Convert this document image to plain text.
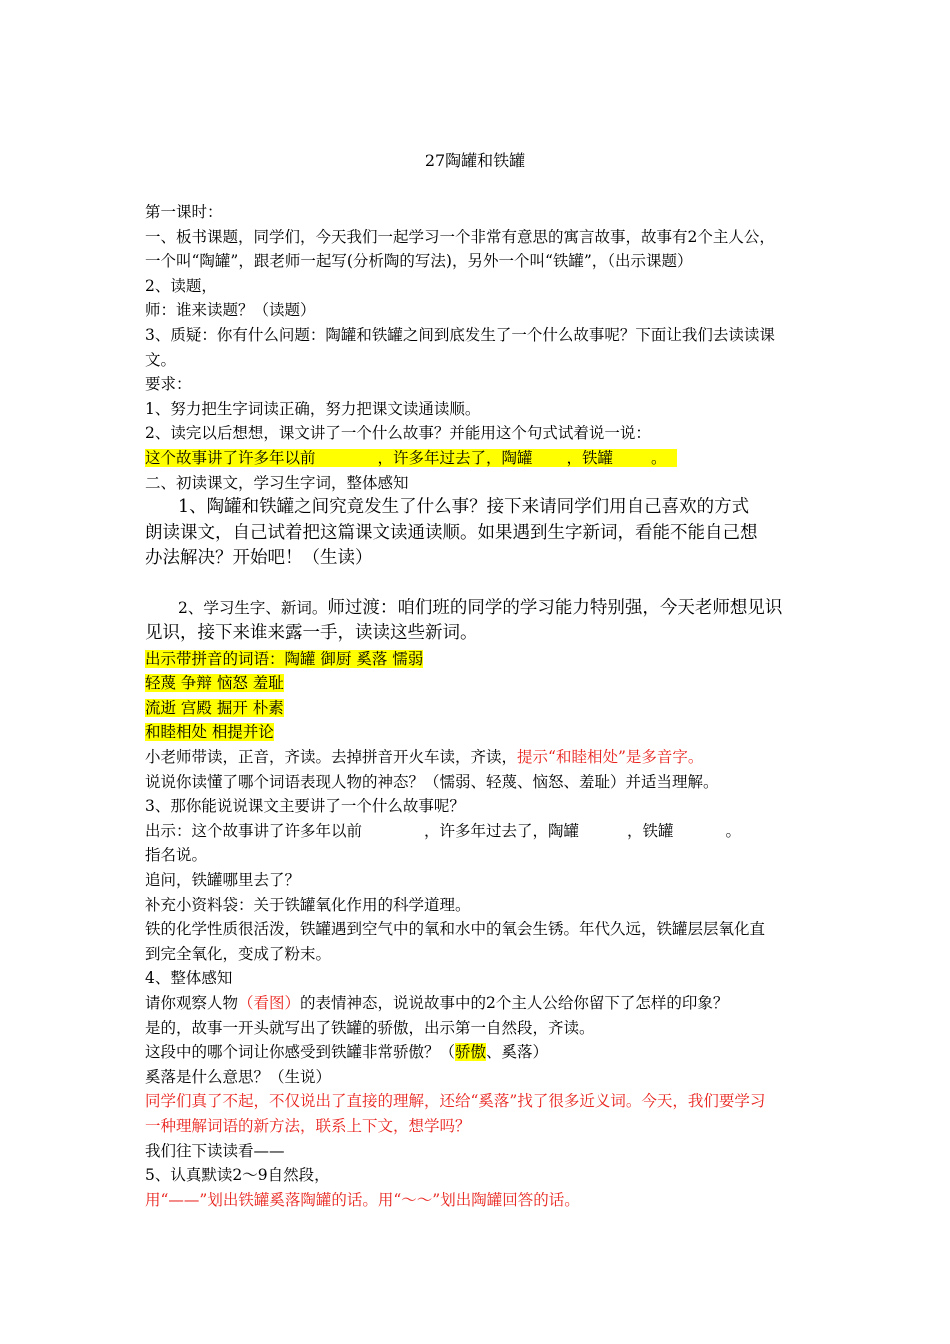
27陶罐和铁罐
第一课时：
一、板书课题，同学们，今天我们一起学习一个非常有意思的寓言故事，故事有2个主人公，
一个叫“陶罐”，跟老师一起写(分析陶的写法)，另外一个叫“铁罐”，（出示课题）
2、读题，
师：谁来读题？（读题）
3、质疑：你有什么问题：陶罐和铁罐之间到底发生了一个什么故事呢？下面让我们去读读课
文。
要求：
1、努力把生字词读正确，努力把课文读通读顺。
2、读完以后想想，课文讲了一个什么故事？并能用这个句式试着说一说：
这个故事讲了许多年以前	，许多年过去了，陶罐 ，铁罐 。
二、初读课文，学习生字词，整体感知
1、陶罐和铁罐之间究竟发生了什么事？接下来请同学们用自己喜欢的方式
朗读课文，自己试着把这篇课文读通读顺。如果遇到生字新词，看能不能自己想
办法解决？开始吧！（生读）
2、学习生字、新词。师过渡：咱们班的同学的学习能力特别强，今天老师想见识
见识，接下来谁来露一手，读读这些新词。
出示带拼音的词语：陶罐 御厨 奚落 懦弱
轻蔑 争辩 恼怒 羞耻
流逝 宫殿 掘开 朴素
和睦相处 相提并论
小老师带读，正音，齐读。去掉拼音开火车读，齐读，提示“和睦相处”是多音字。
说说你读懂了哪个词语表现人物的神态？（懦弱、轻蔑、恼怒、羞耻）并适当理解。
3、那你能说说课文主要讲了一个什么故事呢？
出示：这个故事讲了许多年以前	，许多年过去了，陶罐	，铁罐	。
指名说。
追问，铁罐哪里去了？
补充小资料袋：关于铁罐氧化作用的科学道理。
铁的化学性质很活泼，铁罐遇到空气中的氧和水中的氧会生锈。年代久远，铁罐层层氧化直
到完全氧化，变成了粉末。
4、整体感知
请你观察人物（看图）的表情神态，说说故事中的2个主人公给你留下了怎样的印象？
是的，故事一开头就写出了铁罐的骄傲，出示第一自然段，齐读。
这段中的哪个词让你感受到铁罐非常骄傲？（骄傲、奚落）
奚落是什么意思？（生说）
同学们真了不起，不仅说出了直接的理解，还给“奚落”找了很多近义词。今天，我们要学习
一种理解词语的新方法，联系上下文，想学吗？
我们往下读读看——
5、认真默读2～9自然段，
用“——”划出铁罐奚落陶罐的话。用“～～”划出陶罐回答的话。
